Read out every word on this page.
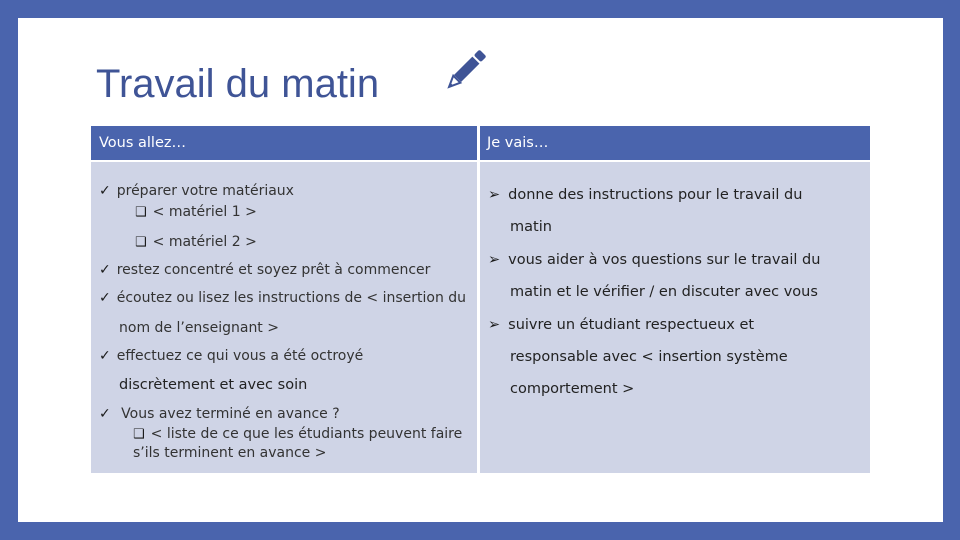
Travail du matin
Vous allez…	Je vais…
✓ préparer votre matériaux
❑ < matériel 1 >
❑ < matériel 2 >
✓ restez concentré et soyez prêt à commencer
✓ écoutez ou lisez les instructions de < insertion du
nom de l’enseignant >
✓ effectuez ce qui vous a été octroyé
discrètement et avec soin
✓ Vous avez terminé en avance ?
❑ < liste de ce que les étudiants peuvent faire
s’ils terminent en avance >
➢ donne des instructions pour le travail du
matin
➢ vous aider à vos questions sur le travail du
matin et le vérifier / en discuter avec vous
➢ suivre un étudiant respectueux et
responsable avec < insertion système
comportement >
